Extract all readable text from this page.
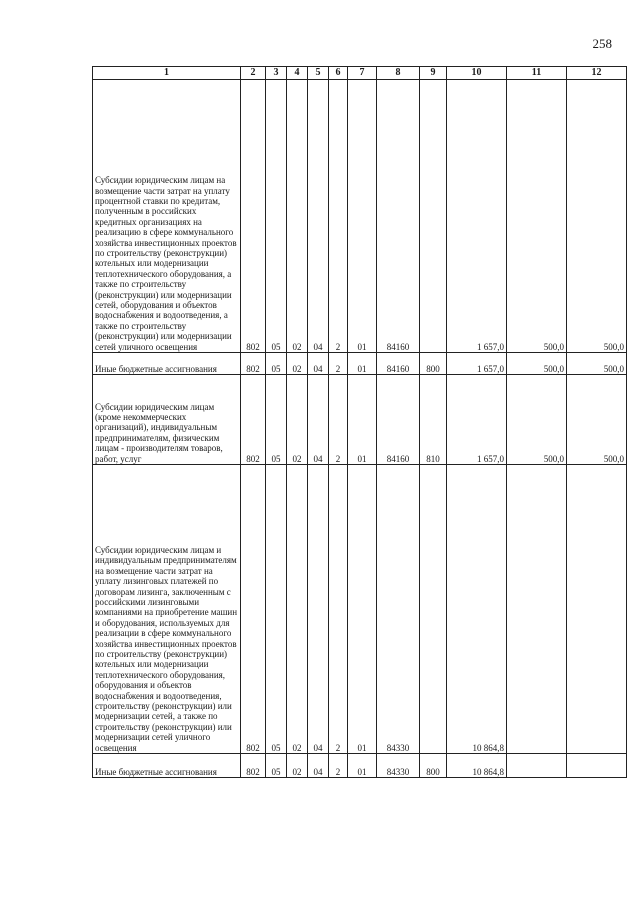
258
1	2	3	4	5	6	7	8	9	10	11	12
Субсидии юридическим лицам на возмещение части затрат на уплату процентной ставки по кредитам, полученным в российских кредитных организациях на реализацию в сфере коммунального хозяйства инвестиционных проектов по строительству (реконструкции) котельных или модернизации теплотехнического оборудования, а также по строительству (реконструкции) или модернизации сетей, оборудования и объектов водоснабжения и водоотведения, а также по строительству (реконструкции) или модернизации сетей уличного освещения	802	05	02	04	2	01	84160		1 657,0	500,0	500,0
Иные бюджетные ассигнования	802	05	02	04	2	01	84160	800	1 657,0	500,0	500,0
Субсидии юридическим лицам (кроме некоммерческих организаций), индивидуальным предпринимателям, физическим лицам - производителям товаров, работ, услуг	802	05	02	04	2	01	84160	810	1 657,0	500,0	500,0
Субсидии юридическим лицам и индивидуальным предпринимателям на возмещение части затрат на уплату лизинговых платежей по договорам лизинга, заключенным с российскими лизинговыми компаниями на приобретение машин и оборудования, используемых для реализации в сфере коммунального хозяйства инвестиционных проектов по строительству (реконструкции) котельных или модернизации теплотехнического оборудования, оборудования и объектов водоснабжения и водоотведения, строительству (реконструкции) или модернизации сетей, а также по строительству (реконструкции) или модернизации сетей уличного освещения	802	05	02	04	2	01	84330		10 864,8		
Иные бюджетные ассигнования	802	05	02	04	2	01	84330	800	10 864,8		
